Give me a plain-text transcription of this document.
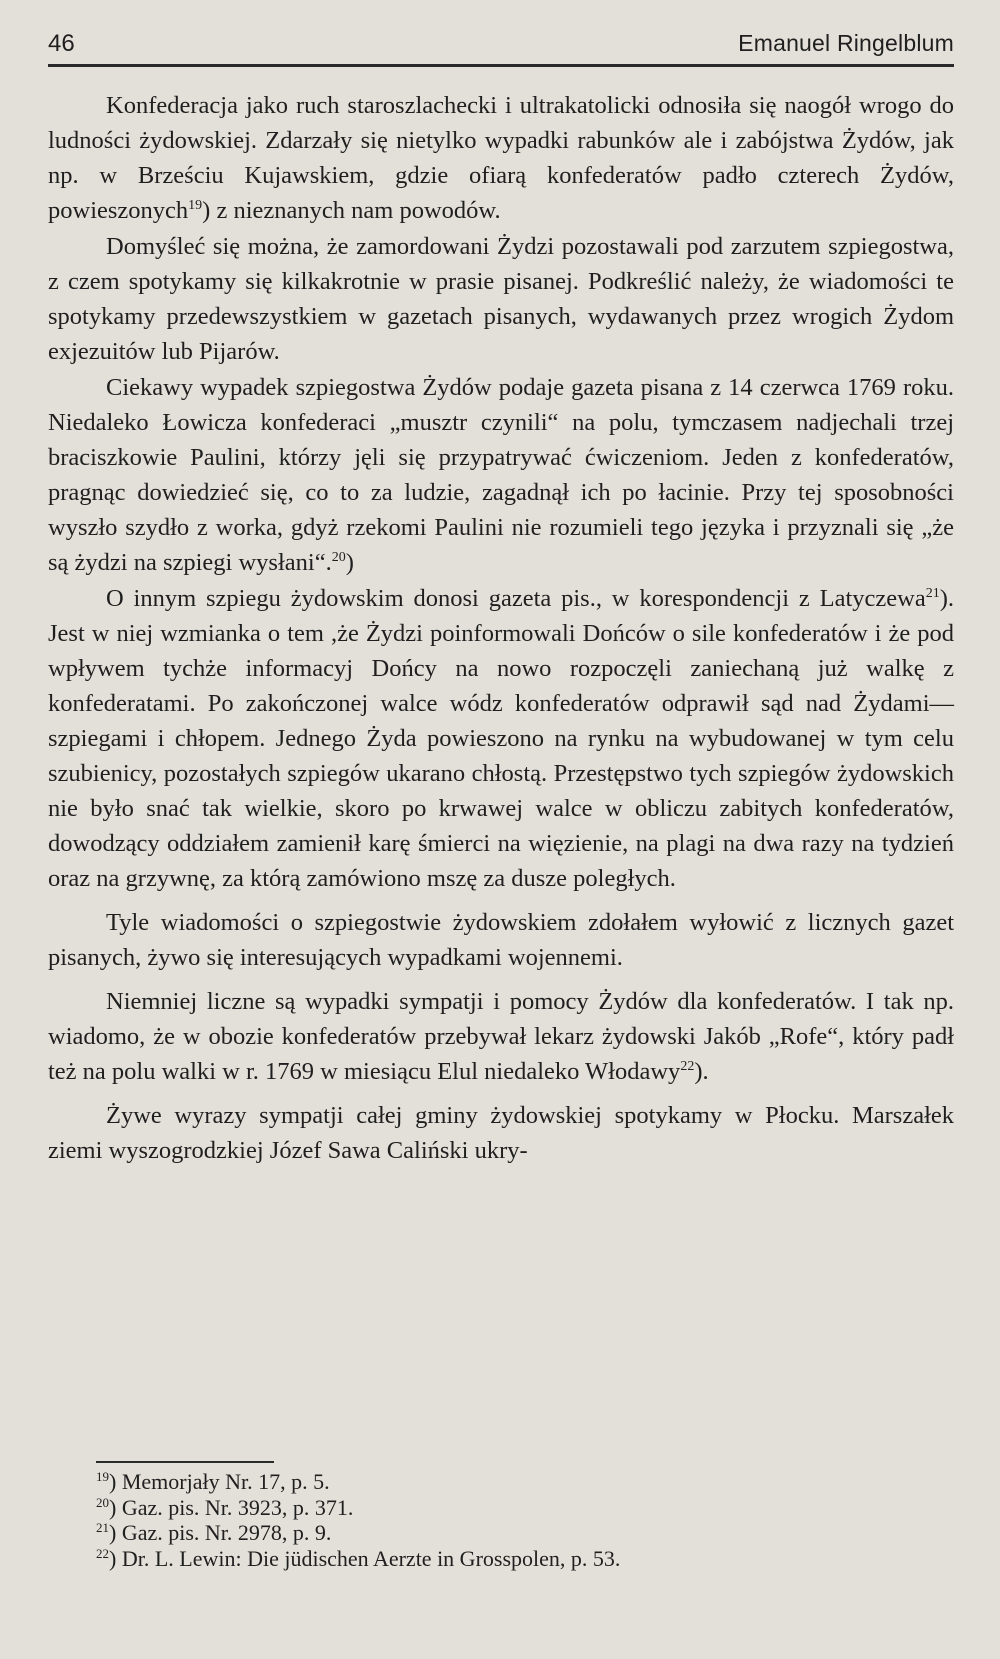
46	Emanuel Ringelblum

Konfederacja jako ruch staroszlachecki i ultrakatolicki odnosiła się naogół wrogo do ludności żydowskiej. Zdarzały się nietylko wypadki rabunków ale i zabójstwa Żydów, jak np. w Brześciu Kujawskiem, gdzie ofiarą konfederatów padło czterech Żydów, powieszonych$^{19}$) z nieznanych nam powodów.

Domyśleć się można, że zamordowani Żydzi pozostawali pod zarzutem szpiegostwa, z czem spotykamy się kilkakrotnie w prasie pisanej. Podkreślić należy, że wiadomości te spotykamy przedewszystkiem w gazetach pisanych, wydawanych przez wrogich Żydom exjezuitów lub Pijarów.

Ciekawy wypadek szpiegostwa Żydów podaje gazeta pisana z 14 czerwca 1769 roku. Niedaleko Łowicza konfederaci „musztr czynili“ na polu, tymczasem nadjechali trzej braciszkowie Paulini, którzy jęli się przypatrywać ćwiczeniom. Jeden z konfederatów, pragnąc dowiedzieć się, co to za ludzie, zagadnął ich po łacinie. Przy tej sposobności wyszło szydło z worka, gdyż rzekomi Paulini nie rozumieli tego języka i przyznali się „że są żydzi na szpiegi wysłani“.$^{20}$)

O innym szpiegu żydowskim donosi gazeta pis., w korespondencji z Latyczewa$^{21}$). Jest w niej wzmianka o tem ,że Żydzi poinformowali Dońców o sile konfederatów i że pod wpływem tychże informacyj Dońcy na nowo rozpoczęli zaniechaną już walkę z konfederatami. Po zakończonej walce wódz konfederatów odprawił sąd nad Żydami—szpiegami i chłopem. Jednego Żyda powieszono na rynku na wybudowanej w tym celu szubienicy, pozostałych szpiegów ukarano chłostą. Przestępstwo tych szpiegów żydowskich nie było snać tak wielkie, skoro po krwawej walce w obliczu zabitych konfederatów, dowodzący oddziałem zamienił karę śmierci na więzienie, na plagi na dwa razy na tydzień oraz na grzywnę, za którą zamówiono mszę za dusze poległych.

Tyle wiadomości o szpiegostwie żydowskiem zdołałem wyłowić z licznych gazet pisanych, żywo się interesujących wypadkami wojennemi.

Niemniej liczne są wypadki sympatji i pomocy Żydów dla konfederatów. I tak np. wiadomo, że w obozie konfederatów przebywał lekarz żydowski Jakób „Rofe“, który padł też na polu walki w r. 1769 w miesiącu Elul niedaleko Włodawy$^{22}$).

Żywe wyrazy sympatji całej gminy żydowskiej spotykamy w Płocku. Marszałek ziemi wyszogrodzkiej Józef Sawa Caliński ukry-

$^{19}$) Memorjały Nr. 17, p. 5.
$^{20}$) Gaz. pis. Nr. 3923, p. 371.
$^{21}$) Gaz. pis. Nr. 2978, p. 9.
$^{22}$) Dr. L. Lewin: Die jüdischen Aerzte in Grosspolen, p. 53.
